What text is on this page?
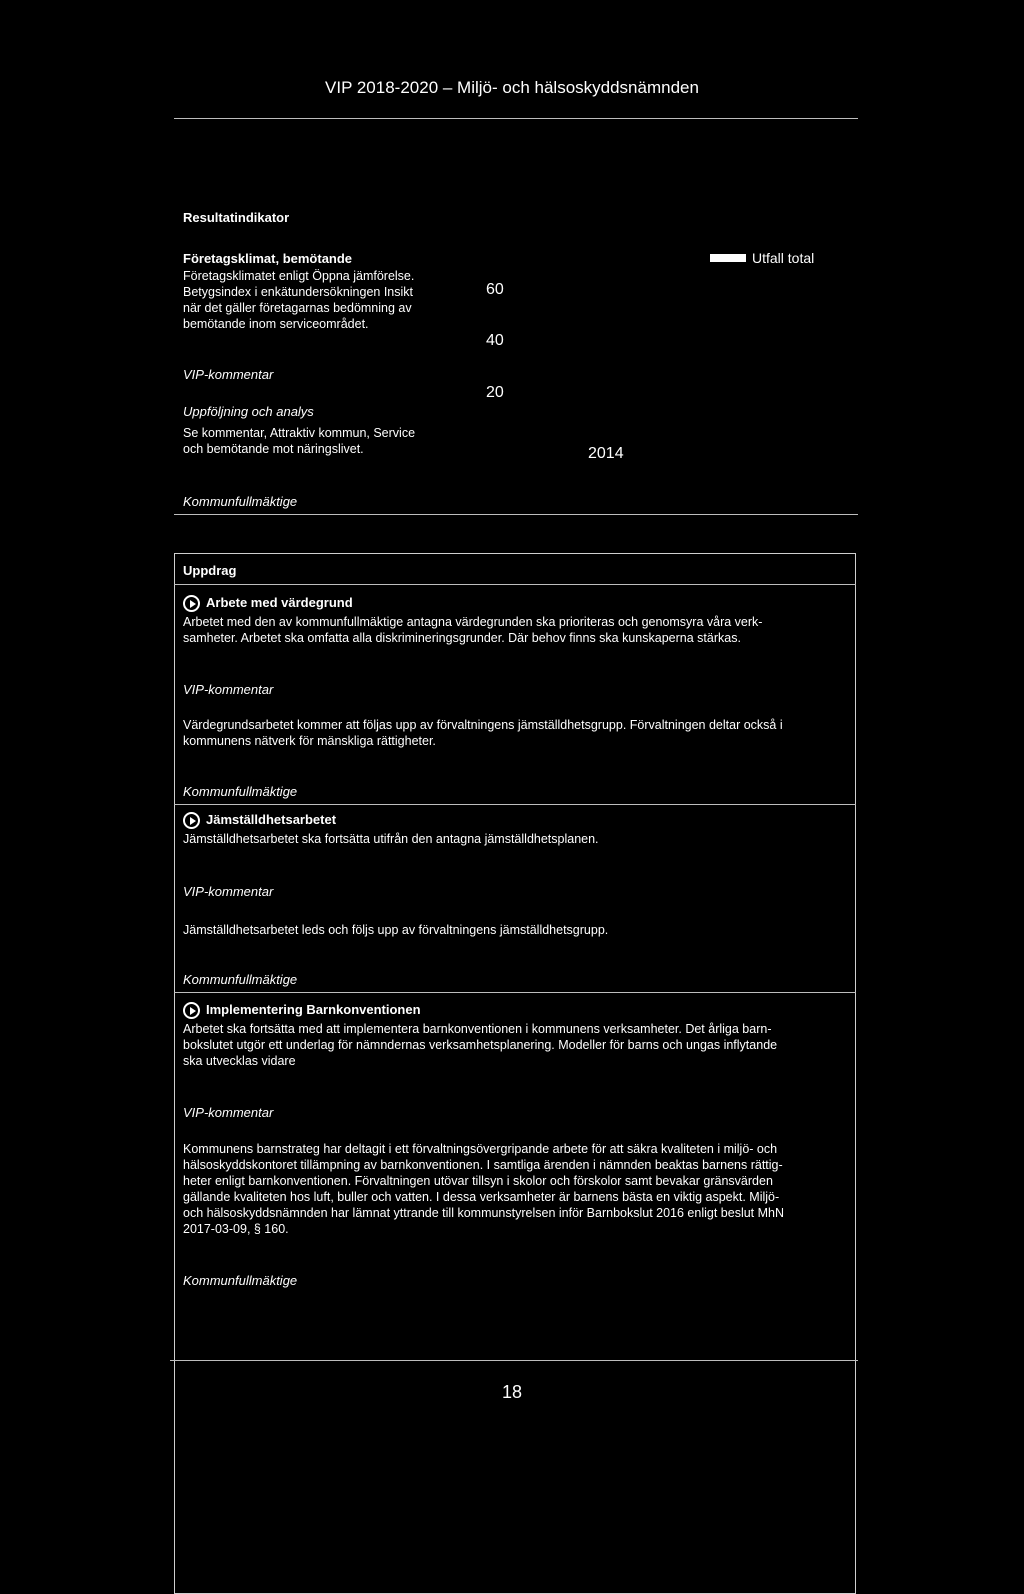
VIP 2018-2020 – Miljö- och hälsoskyddsnämnden
Resultatindikator
Företagsklimat, bemötande
Företagsklimatet enligt Öppna jämförelse.
Betygsindex i enkätundersökningen Insikt
när det gäller företagarnas bedömning av
bemötande inom serviceområdet.
VIP-kommentar
Uppföljning och analys
Se kommentar, Attraktiv kommun, Service
och bemötande mot näringslivet.
60
40
20
2014
Utfall total
Kommunfullmäktige
Uppdrag
Arbete med värdegrund
Arbetet med den av kommunfullmäktige antagna värdegrunden ska prioriteras och genomsyra våra verk-
samheter. Arbetet ska omfatta alla diskrimineringsgrunder. Där behov finns ska kunskaperna stärkas.
VIP-kommentar
Värdegrundsarbetet kommer att följas upp av förvaltningens jämställdhetsgrupp. Förvaltningen deltar också i
kommunens nätverk för mänskliga rättigheter.
Kommunfullmäktige
Jämställdhetsarbetet
Jämställdhetsarbetet ska fortsätta utifrån den antagna jämställdhetsplanen.
VIP-kommentar
Jämställdhetsarbetet leds och följs upp av förvaltningens jämställdhetsgrupp.
Kommunfullmäktige
Implementering Barnkonventionen
Arbetet ska fortsätta med att implementera barnkonventionen i kommunens verksamheter. Det årliga barn-
bokslutet utgör ett underlag för nämndernas verksamhetsplanering. Modeller för barns och ungas inflytande
ska utvecklas vidare
VIP-kommentar
Kommunens barnstrateg har deltagit i ett förvaltningsövergripande arbete för att säkra kvaliteten i miljö- och
hälsoskyddskontoret tillämpning av barnkonventionen. I samtliga ärenden i nämnden beaktas barnens rättig-
heter enligt barnkonventionen. Förvaltningen utövar tillsyn i skolor och förskolor samt bevakar gränsvärden
gällande kvaliteten hos luft, buller och vatten. I dessa verksamheter är barnens bästa en viktig aspekt. Miljö-
och hälsoskyddsnämnden har lämnat yttrande till kommunstyrelsen inför Barnbokslut 2016 enligt beslut MhN
2017-03-09, § 160.
Kommunfullmäktige
18
